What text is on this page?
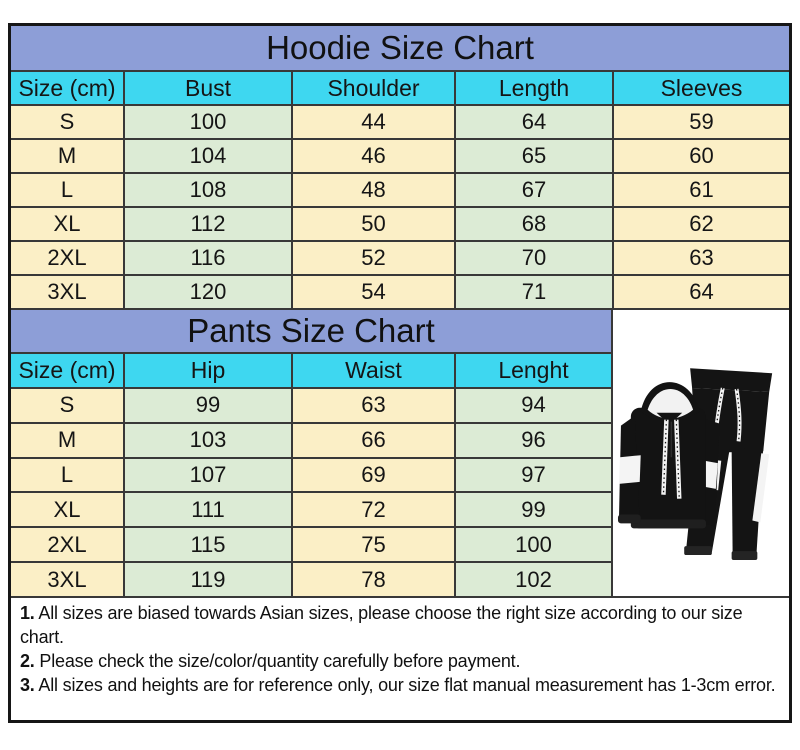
Hoodie Size Chart
Size (cm)	Bust	Shoulder	Length	Sleeves
S	100	44	64	59
M	104	46	65	60
L	108	48	67	61
XL	112	50	68	62
2XL	116	52	70	63
3XL	120	54	71	64
Pants Size Chart
Size (cm)	Hip	Waist	Lenght
S	99	63	94
M	103	66	96
L	107	69	97
XL	111	72	99
2XL	115	75	100
3XL	119	78	102

1. All sizes are biased towards Asian sizes, please choose the right size according to our size chart.

2. Please check the size/color/quantity carefully before payment.

3. All sizes and heights are for reference only, our size flat manual measurement has 1-3cm error.
